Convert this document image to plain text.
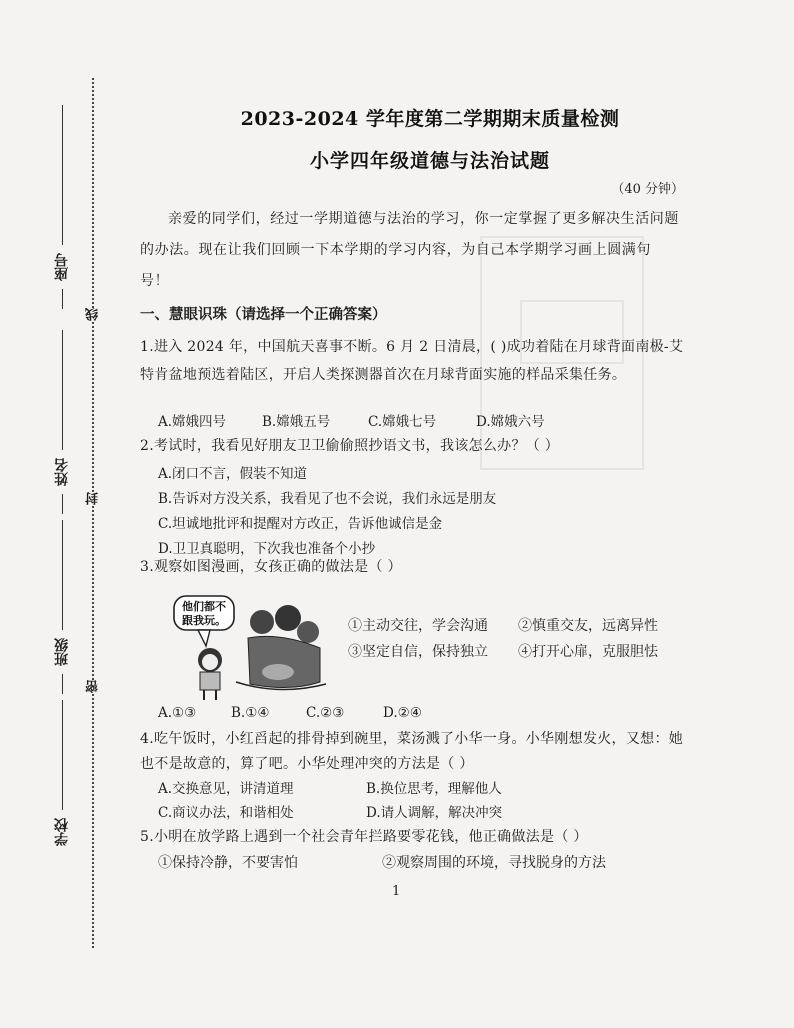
座号
姓名
班级
学校
线
封
密
2023-2024 学年度第二学期期末质量检测
小学四年级道德与法治试题
（40 分钟）
亲爱的同学们，经过一学期道德与法治的学习，你一定掌握了更多解决生活问题的办法。现在让我们回顾一下本学期的学习内容，为自己本学期学习画上圆满句号！
一、慧眼识珠（请选择一个正确答案）
1.进入 2024 年，中国航天喜事不断。6 月 2 日清晨，( )成功着陆在月球背面南极-艾特肯盆地预选着陆区，开启人类探测器首次在月球背面实施的样品采集任务。
A.嫦娥四号	B.嫦娥五号	C.嫦娥七号	D.嫦娥六号
2.考试时，我看见好朋友卫卫偷偷照抄语文书，我该怎么办？（ ）
A.闭口不言，假装不知道
B.告诉对方没关系，我看见了也不会说，我们永远是朋友
C.坦诚地批评和提醒对方改正，告诉他诚信是金
D.卫卫真聪明，下次我也准备个小抄
3.观察如图漫画，女孩正确的做法是（ ）
他们都不
跟我玩。	①主动交往，学会沟通 ②慎重交友，远离异性
③坚定自信，保持独立 ④打开心扉，克服胆怯
A.①③	B.①④	C.②③	D.②④
4.吃午饭时，小红舀起的排骨掉到碗里，菜汤溅了小华一身。小华刚想发火，又想：她也不是故意的，算了吧。小华处理冲突的方法是（ ）
A.交换意见，讲清道理	B.换位思考，理解他人
C.商议办法，和谐相处	D.请人调解，解决冲突
5.小明在放学路上遇到一个社会青年拦路要零花钱，他正确做法是（ ）
①保持冷静，不要害怕	②观察周围的环境，寻找脱身的方法
1
